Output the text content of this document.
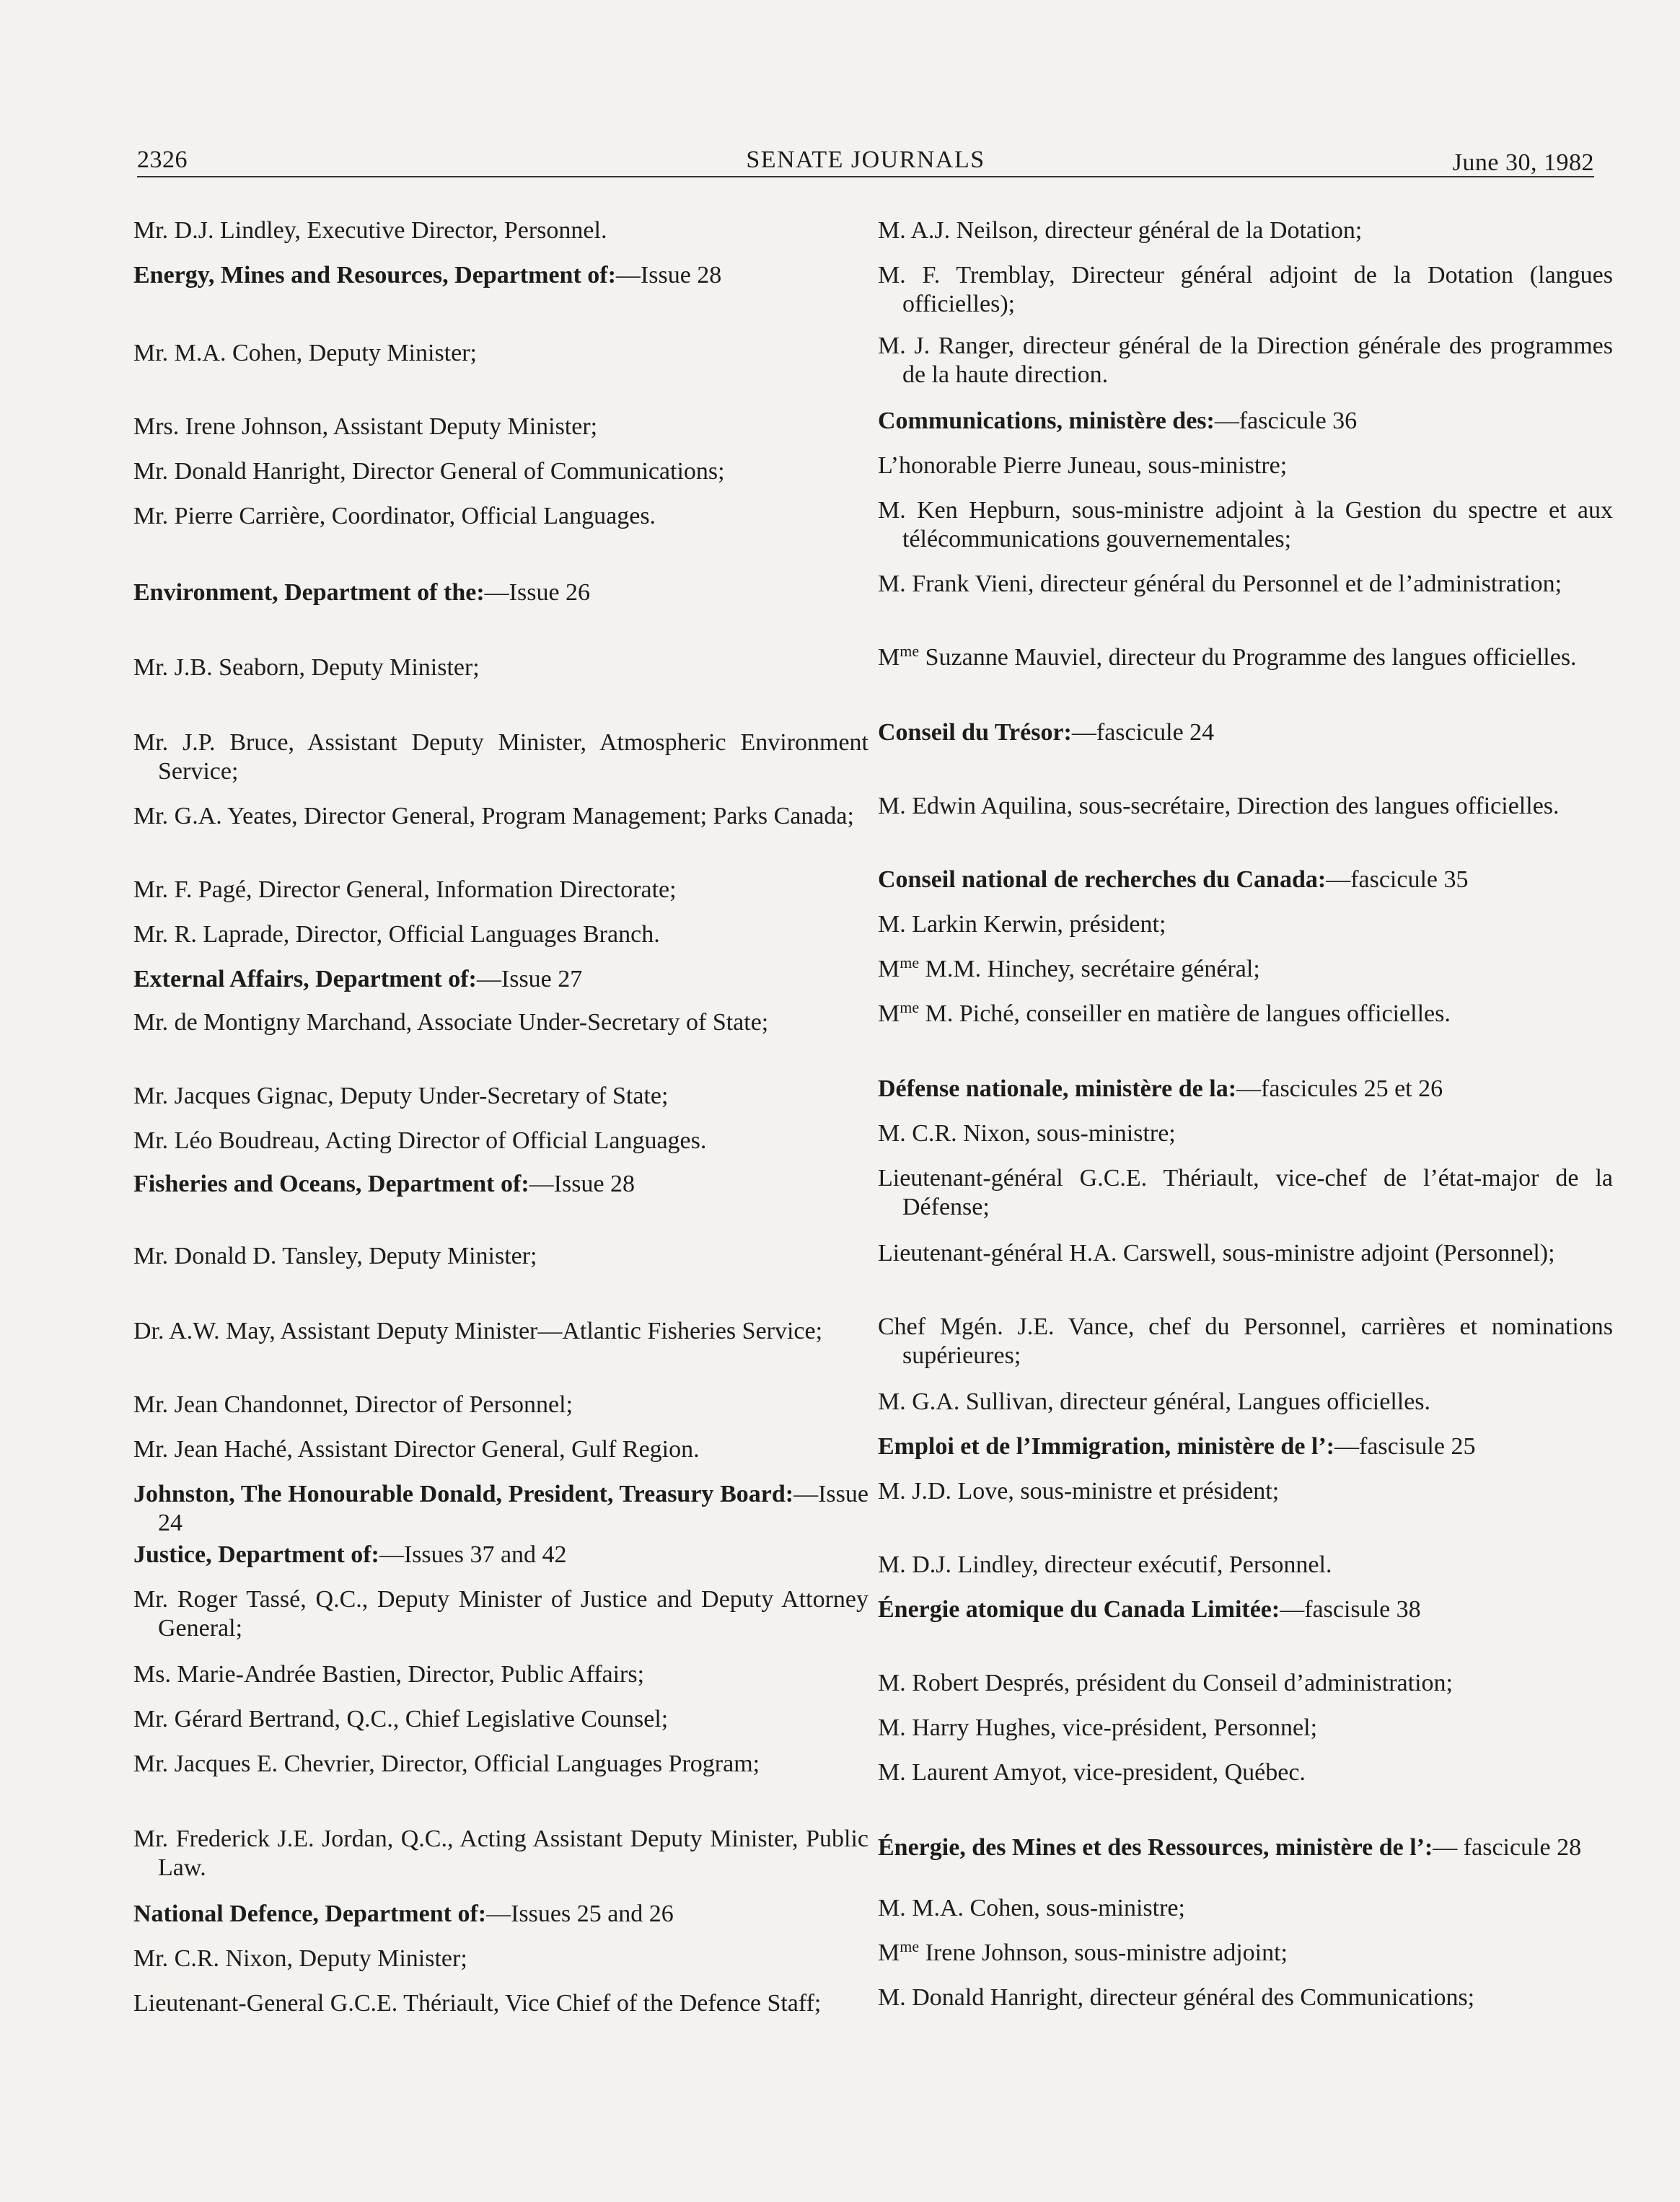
2326	SENATE JOURNALS	June 30, 1982

Mr. D.J. Lindley, Executive Director, Personnel.

Energy, Mines and Resources, Department of:—Issue 28

Mr. M.A. Cohen, Deputy Minister;

Mrs. Irene Johnson, Assistant Deputy Minister;

Mr. Donald Hanright, Director General of Communications;

Mr. Pierre Carrière, Coordinator, Official Languages.

Environment, Department of the:—Issue 26

Mr. J.B. Seaborn, Deputy Minister;

Mr. J.P. Bruce, Assistant Deputy Minister, Atmospheric Environment Service;

Mr. G.A. Yeates, Director General, Program Management; Parks Canada;

Mr. F. Pagé, Director General, Information Directorate;

Mr. R. Laprade, Director, Official Languages Branch.

External Affairs, Department of:—Issue 27

Mr. de Montigny Marchand, Associate Under-Secretary of State;

Mr. Jacques Gignac, Deputy Under-Secretary of State;

Mr. Léo Boudreau, Acting Director of Official Languages.

Fisheries and Oceans, Department of:—Issue 28

Mr. Donald D. Tansley, Deputy Minister;

Dr. A.W. May, Assistant Deputy Minister—Atlantic Fisheries Service;

Mr. Jean Chandonnet, Director of Personnel;

Mr. Jean Haché, Assistant Director General, Gulf Region.

Johnston, The Honourable Donald, President, Treasury Board:—Issue 24

Justice, Department of:—Issues 37 and 42

Mr. Roger Tassé, Q.C., Deputy Minister of Justice and Deputy Attorney General;

Ms. Marie-Andrée Bastien, Director, Public Affairs;

Mr. Gérard Bertrand, Q.C., Chief Legislative Counsel;

Mr. Jacques E. Chevrier, Director, Official Languages Program;

Mr. Frederick J.E. Jordan, Q.C., Acting Assistant Deputy Minister, Public Law.

National Defence, Department of:—Issues 25 and 26

Mr. C.R. Nixon, Deputy Minister;

Lieutenant-General G.C.E. Thériault, Vice Chief of the Defence Staff;

M. A.J. Neilson, directeur général de la Dotation;

M. F. Tremblay, Directeur général adjoint de la Dotation (langues officielles);

M. J. Ranger, directeur général de la Direction générale des programmes de la haute direction.

Communications, ministère des:—fascicule 36

L’honorable Pierre Juneau, sous-ministre;

M. Ken Hepburn, sous-ministre adjoint à la Gestion du spectre et aux télécommunications gouvernementales;

M. Frank Vieni, directeur général du Personnel et de l’administration;

$M^{me}$ Suzanne Mauviel, directeur du Programme des langues officielles.

Conseil du Trésor:—fascicule 24

M. Edwin Aquilina, sous-secrétaire, Direction des langues officielles.

Conseil national de recherches du Canada:—fascicule 35

M. Larkin Kerwin, président;

$M^{me}$ M.M. Hinchey, secrétaire général;

$M^{me}$ M. Piché, conseiller en matière de langues officielles.

Défense nationale, ministère de la:—fascicules 25 et 26

M. C.R. Nixon, sous-ministre;

Lieutenant-général G.C.E. Thériault, vice-chef de l’état-major de la Défense;

Lieutenant-général H.A. Carswell, sous-ministre adjoint (Personnel);

Chef Mgén. J.E. Vance, chef du Personnel, carrières et nominations supérieures;

M. G.A. Sullivan, directeur général, Langues officielles.

Emploi et de l’Immigration, ministère de l’:—fascisule 25

M. J.D. Love, sous-ministre et président;

M. D.J. Lindley, directeur exécutif, Personnel.

Énergie atomique du Canada Limitée:—fascisule 38

M. Robert Després, président du Conseil d’administration;

M. Harry Hughes, vice-président, Personnel;

M. Laurent Amyot, vice-president, Québec.

Énergie, des Mines et des Ressources, ministère de l’:— fascicule 28

M. M.A. Cohen, sous-ministre;

$M^{me}$ Irene Johnson, sous-ministre adjoint;

M. Donald Hanright, directeur général des Communications;
